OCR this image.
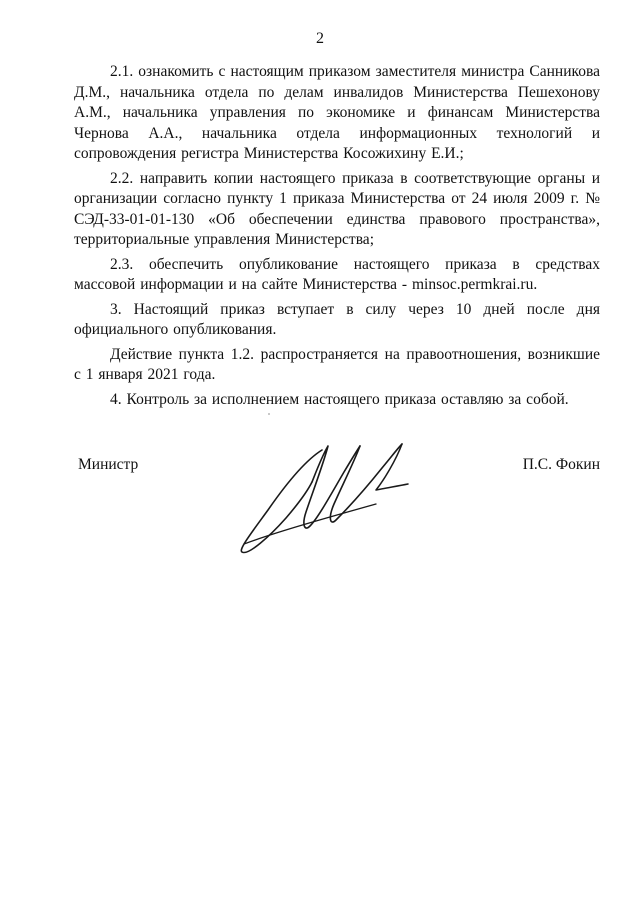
2

2.1. ознакомить с настоящим приказом заместителя министра Санникова Д.М., начальника отдела по делам инвалидов Министерства Пешехонову А.М., начальника управления по экономике и финансам Министерства Чернова А.А., начальника отдела информационных технологий и сопровождения регистра Министерства Косожихину Е.И.;

2.2. направить копии настоящего приказа в соответствующие органы и организации согласно пункту 1 приказа Министерства от 24 июля 2009 г. № СЭД-33-01-01-130 «Об обеспечении единства правового пространства», территориальные управления Министерства;

2.3. обеспечить опубликование настоящего приказа в средствах массовой информации и на сайте Министерства - minsoc.permkrai.ru.

3. Настоящий приказ вступает в силу через 10 дней после дня официального опубликования.

Действие пункта 1.2. распространяется на правоотношения, возникшие с 1 января 2021 года.

4. Контроль за исполнением настоящего приказа оставляю за собой.

Министр	П.С. Фокин
